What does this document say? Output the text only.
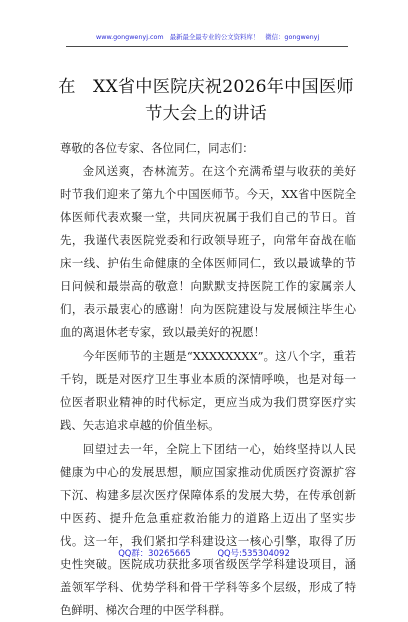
www.gongwenyj.com 最新最全最专业的公文资料库！ 微信：gongwenyj
在　XX省中医院庆祝2026年中国医师节大会上的讲话

尊敬的各位专家、各位同仁，同志们：

金风送爽，杏林流芳。在这个充满希望与收获的美好时节我们迎来了第九个中国医师节。今天，XX省中医院全体医师代表欢聚一堂，共同庆祝属于我们自己的节日。首先，我谨代表医院党委和行政领导班子，向常年奋战在临床一线、护佑生命健康的全体医师同仁，致以最诚挚的节日问候和最崇高的敬意！向默默支持医院工作的家属亲人们，表示最衷心的感谢！向为医院建设与发展倾注毕生心血的离退休老专家，致以最美好的祝愿！

今年医师节的主题是“XXXXXXXX”。这八个字，重若千钧，既是对医疗卫生事业本质的深情呼唤，也是对每一位医者职业精神的时代标定，更应当成为我们贯穿医疗实践、矢志追求卓越的价值坐标。

回望过去一年，全院上下团结一心，始终坚持以人民健康为中心的发展思想，顺应国家推动优质医疗资源扩容下沉、构建多层次医疗保障体系的发展大势，在传承创新中医药、提升危急重症救治能力的道路上迈出了坚实步伐。这一年，我们紧扣学科建设这一核心引擎，取得了历史性突破。医院成功获批多项省级医学学科建设项目，涵盖领军学科、优势学科和骨干学科等多个层级，形成了特色鲜明、梯次合理的中医学科群。

QQ群：30265665	QQ号:535304092
